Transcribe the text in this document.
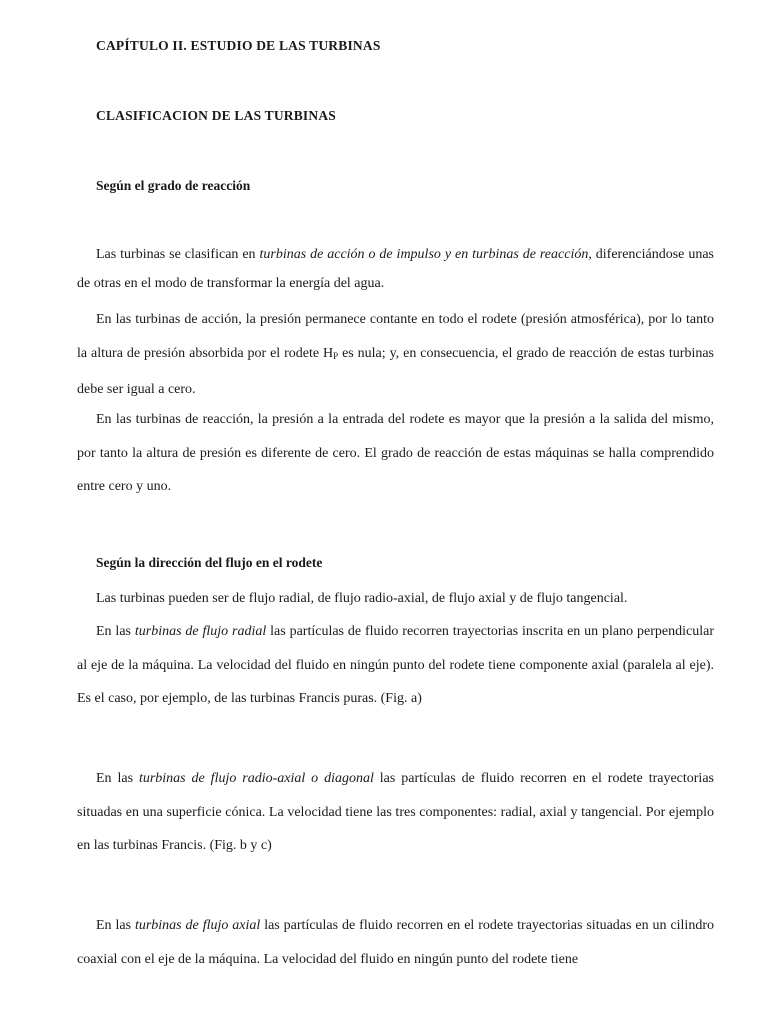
CAPÍTULO II. ESTUDIO DE LAS TURBINAS
CLASIFICACION DE LAS TURBINAS
Según el grado de reacción

Las turbinas se clasifican en turbinas de acción o de impulso y en turbinas de reacción, diferenciándose unas de otras en el modo de transformar la energía del agua.

En las turbinas de acción, la presión permanece contante en todo el rodete (presión atmosférica), por lo tanto la altura de presión absorbida por el rodete $H_P$ es nula; y, en consecuencia, el grado de reacción de estas turbinas debe ser igual a cero.

En las turbinas de reacción, la presión a la entrada del rodete es mayor que la presión a la salida del mismo, por tanto la altura de presión es diferente de cero. El grado de reacción de estas máquinas se halla comprendido entre cero y uno.

Según la dirección del flujo en el rodete

Las turbinas pueden ser de flujo radial, de flujo radio-axial, de flujo axial y de flujo tangencial.

En las turbinas de flujo radial las partículas de fluido recorren trayectorias inscrita en un plano perpendicular al eje de la máquina. La velocidad del fluido en ningún punto del rodete tiene componente axial (paralela al eje). Es el caso, por ejemplo, de las turbinas Francis puras. (Fig. a)

En las turbinas de flujo radio-axial o diagonal las partículas de fluido recorren en el rodete trayectorias situadas en una superficie cónica. La velocidad tiene las tres componentes: radial, axial y tangencial. Por ejemplo en las turbinas Francis. (Fig. b y c)

En las turbinas de flujo axial las partículas de fluido recorren en el rodete trayectorias situadas en un cilindro coaxial con el eje de la máquina. La velocidad del fluido en ningún punto del rodete tiene
